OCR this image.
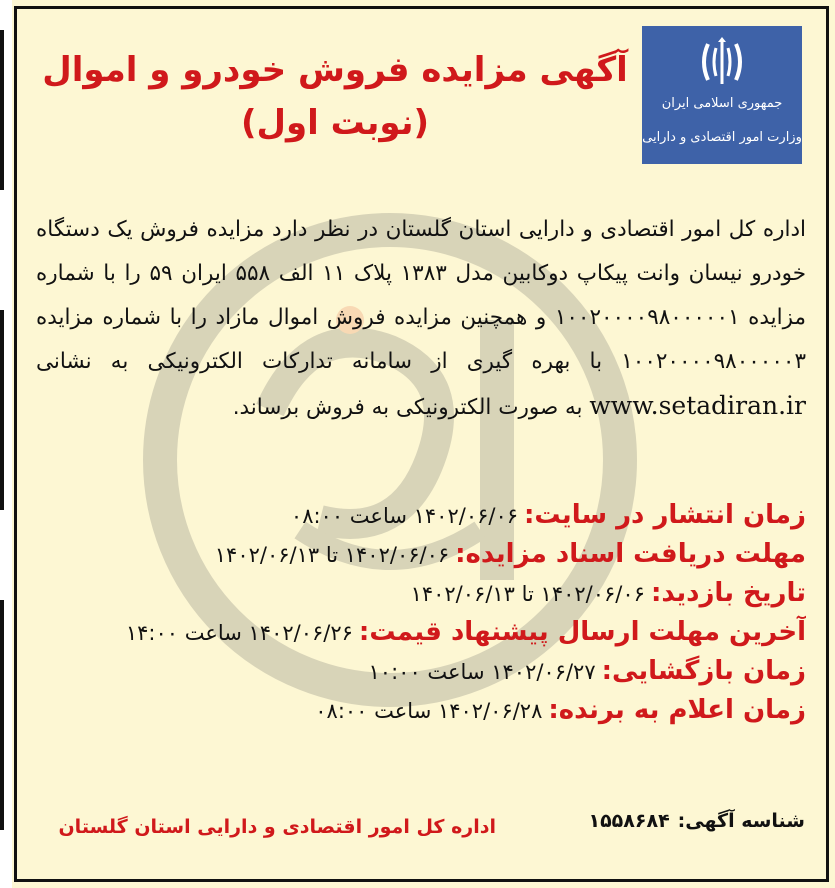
جمهوری اسلامی ایران
وزارت امور اقتصادی و دارایی
آگهی مزایده فروش خودرو و اموال (نوبت اول)

اداره کل امور اقتصادی و دارایی استان گلستان در نظر دارد مزایده فروش یک دستگاه خودرو نیسان وانت پیکاپ دوکابین مدل ۱۳۸۳ پلاک ۱۱ الف ۵۵۸ ایران ۵۹ را با شماره مزایده ۱۰۰۲۰۰۰۰۹۸۰۰۰۰۰۱ و همچنین مزایده فروش اموال مازاد را با شماره مزایده ۱۰۰۲۰۰۰۰۹۸۰۰۰۰۰۳ با بهره گیری از سامانه تدارکات الکترونیکی به نشانی www.setadiran.ir به صورت الکترونیکی به فروش برساند.

زمان انتشار در سایت:۱۴۰۲/۰۶/۰۶ ساعت ۰۸:۰۰
مهلت دریافت اسناد مزایده:۱۴۰۲/۰۶/۰۶ تا ۱۴۰۲/۰۶/۱۳
تاریخ بازدید:۱۴۰۲/۰۶/۰۶ تا ۱۴۰۲/۰۶/۱۳
آخرین مهلت ارسال پیشنهاد قیمت:۱۴۰۲/۰۶/۲۶ ساعت ۱۴:۰۰
زمان بازگشایی:۱۴۰۲/۰۶/۲۷ ساعت ۱۰:۰۰
زمان اعلام به برنده:۱۴۰۲/۰۶/۲۸ ساعت ۰۸:۰۰
شناسه آگهی:۱۵۵۸۶۸۴
اداره کل امور اقتصادی و دارایی استان گلستان
